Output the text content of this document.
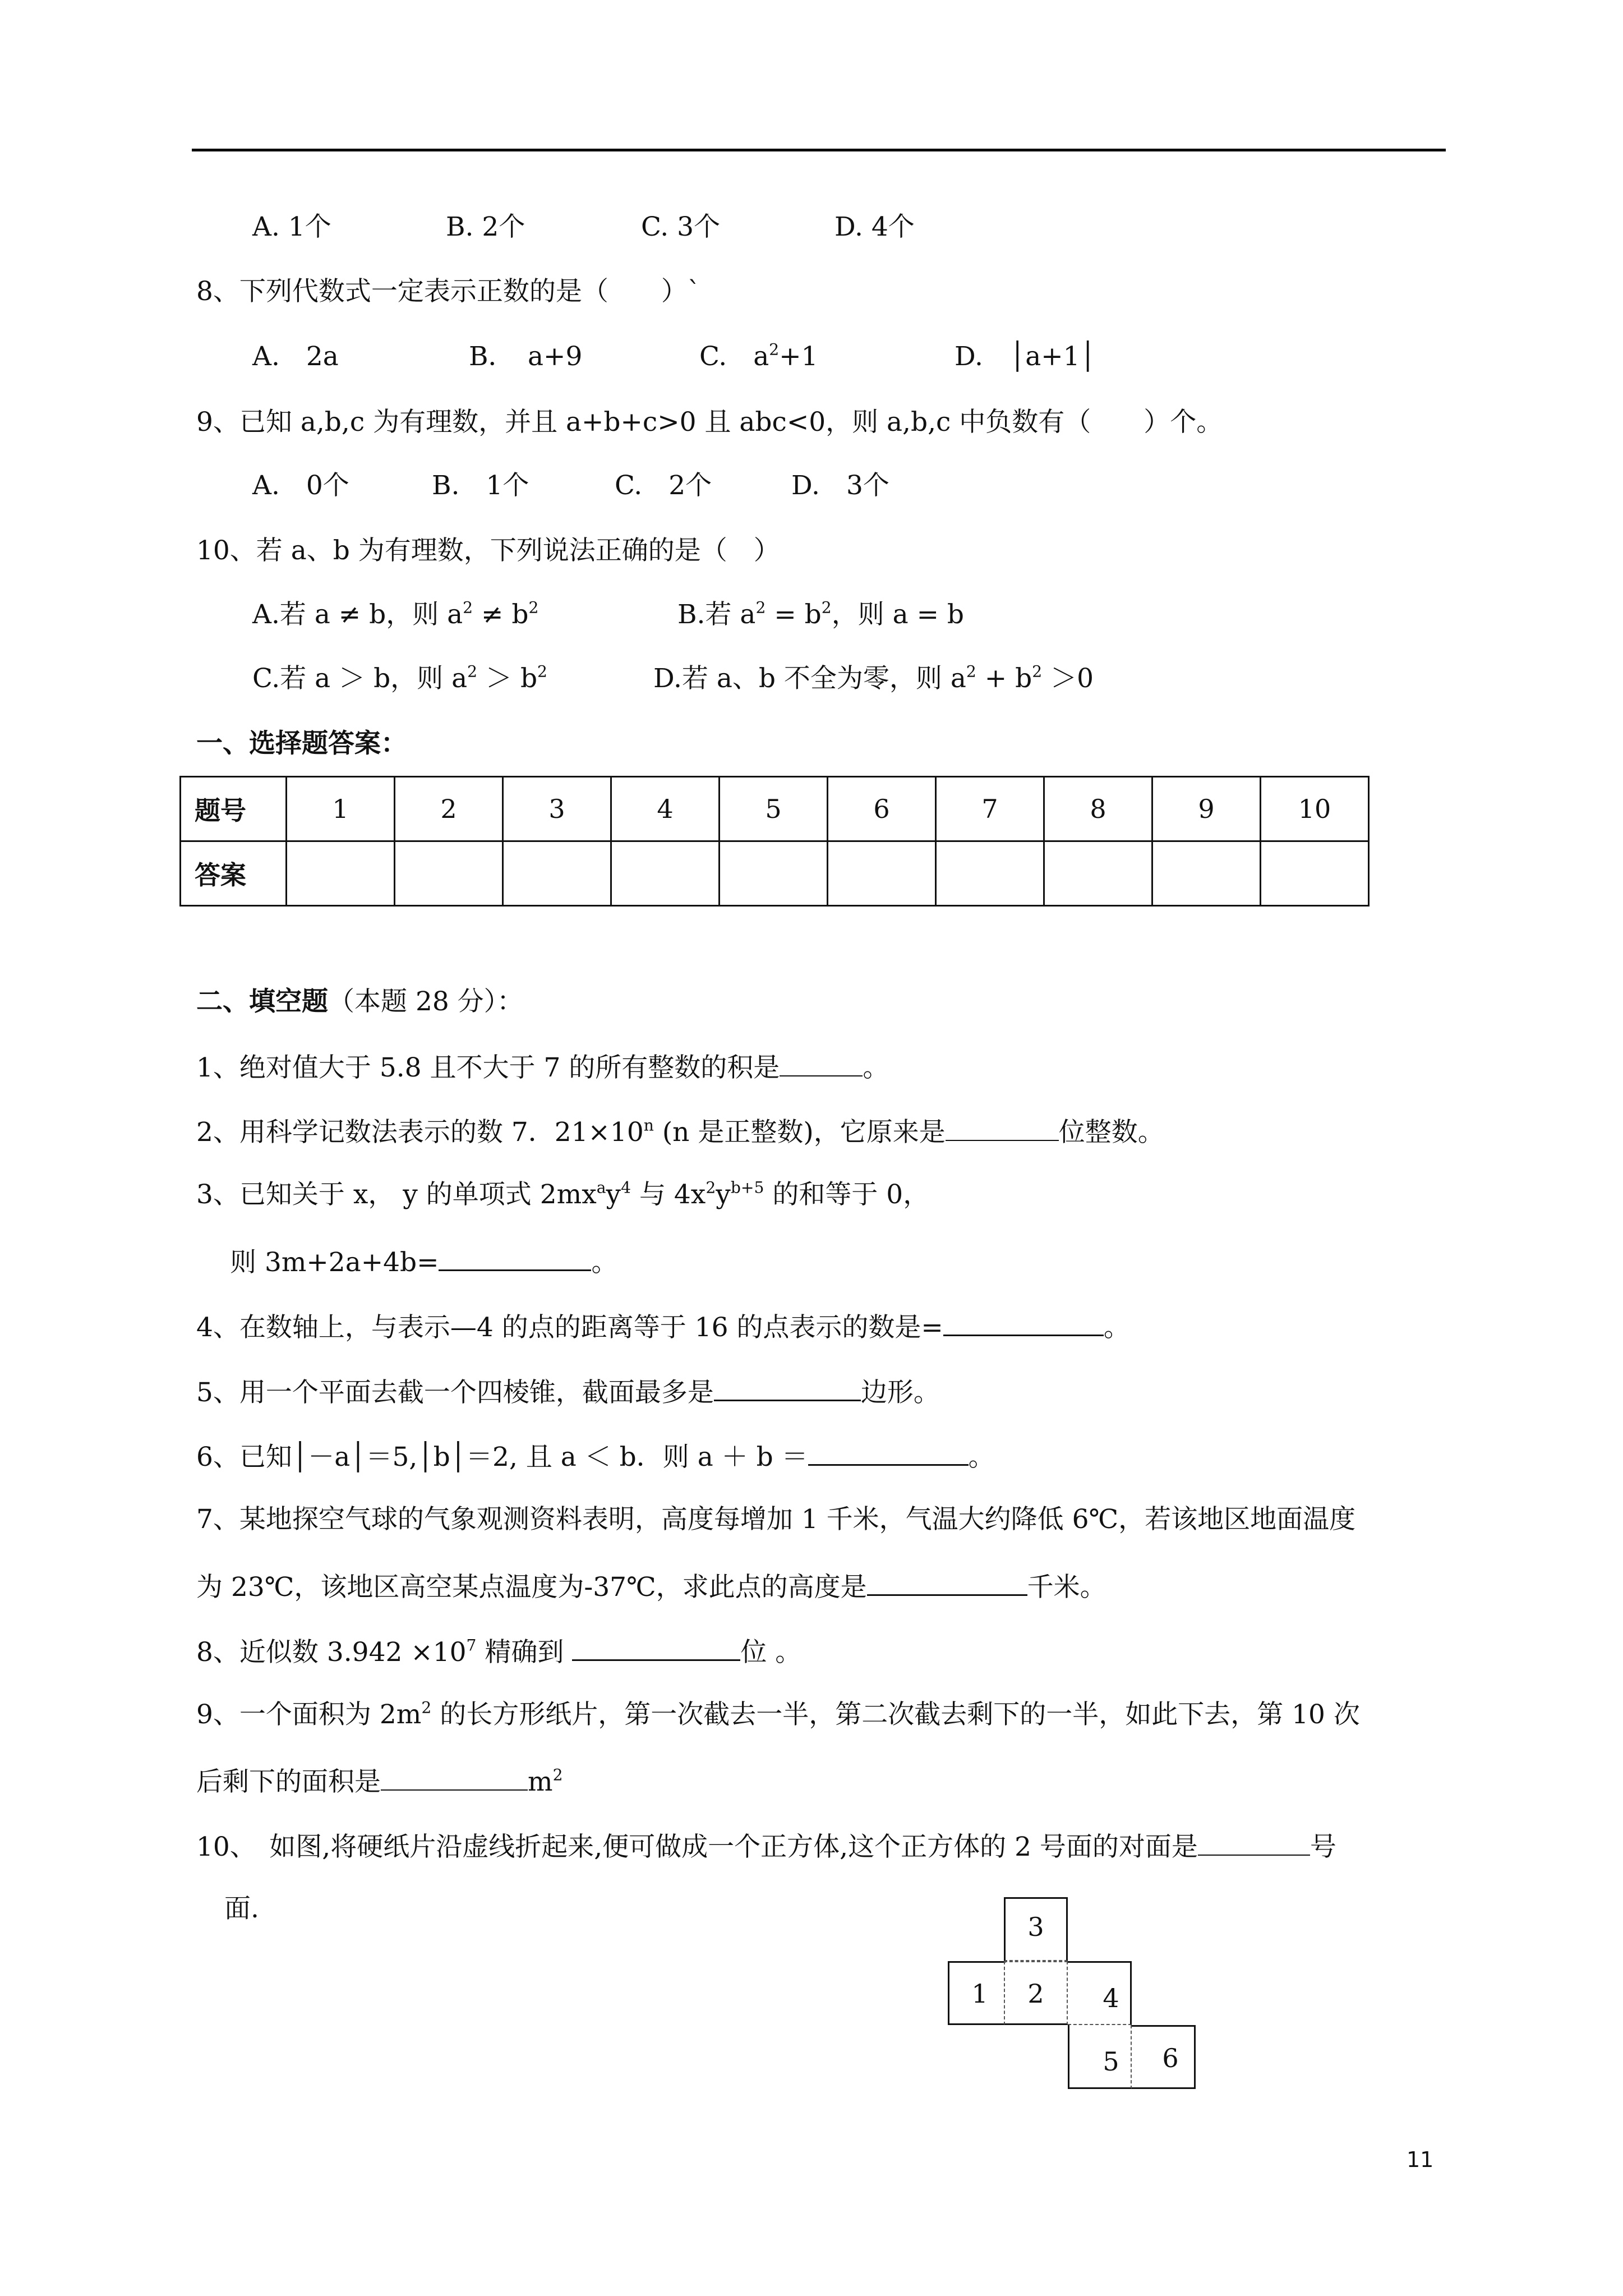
A. 1个	B. 2个	C. 3个	D. 4个
8、下列代数式一定表示正数的是（　　）`
A.　2a	B．　a+9	C.　$a^2+1$	D.　│a+1│
9、已知 a,b,c 为有理数，并且 a+b+c>0 且 abc<0，则 a,b,c 中负数有（　　）个。
A.　0个	B.　1个	C.　2个	D.　3个
10、若 a、b 为有理数，下列说法正确的是（　）
A.若 a ≠ b，则 $a^2 \ne b^2$	B.若 $a^2 = b^2$，则 a = b
C.若 a ＞ b，则 $a^2 > b^2$	D.若 a、b 不全为零，则 $a^2 + b^2 >0$
一、选择题答案：
题号	1	2	3	4	5	6	7	8	9	10
答案										
二、填空题（本题 28 分）：
1、绝对值大于 5.8 且不大于 7 的所有整数的积是	。
2、用科学记数法表示的数 7．$21\times 10^n$ (n 是正整数)，它原来是	位整数。
3、已知关于 x， y 的单项式 $2mx^ay^4$ 与 $4x^2y^{b+5}$ 的和等于 0，
则 3m+2a+4b=	。
4、在数轴上，与表示—4 的点的距离等于 16 的点表示的数是=	。
5、用一个平面去截一个四棱锥，截面最多是	边形。
6、已知│－a│＝5,│b│＝2, 且 a ＜ b．则 a ＋ b ＝	。
7、某地探空气球的气象观测资料表明，高度每增加 1 千米，气温大约降低 6℃，若该地区地面温度
为 23℃，该地区高空某点温度为-37℃，求此点的高度是	千米。
8、近似数 $3.942 \times 10^7$ 精确到	位 。
9、一个面积为 $2m^2$ 的长方形纸片，第一次截去一半，第二次截去剩下的一半，如此下去，第 10 次
后剩下的面积是	$m^2$
10、　如图,将硬纸片沿虚线折起来,便可做成一个正方体,这个正方体的 2 号面的对面是	号
面.
3
1	2	4
5	6
11
